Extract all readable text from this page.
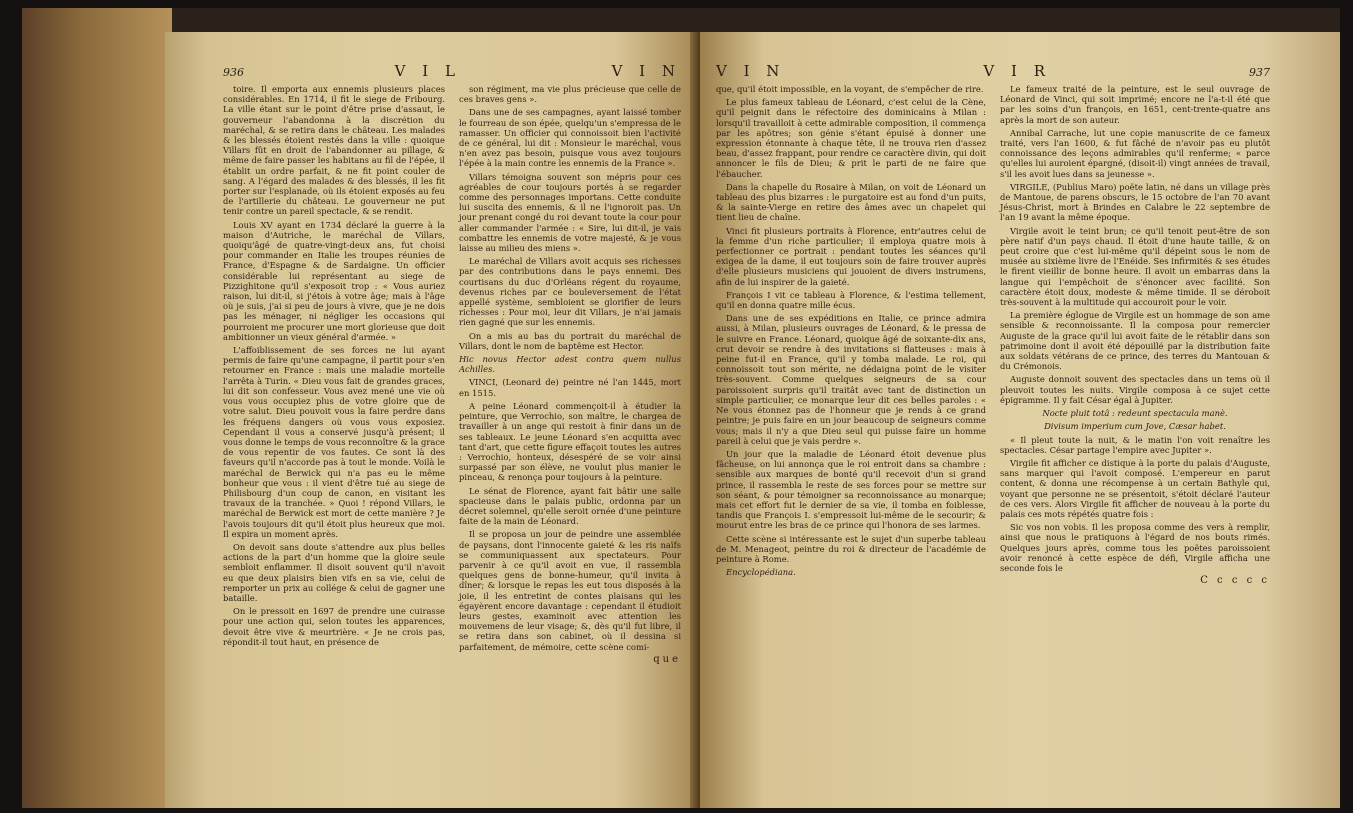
936	V I L	V I N

toire. Il emporta aux ennemis plusieurs places considérables. En 1714, il fit le siege de Fribourg. La ville étant sur le point d'être prise d'assaut, le gouverneur l'abandonna à la discrétion du maréchal, & se retira dans le château. Les malades & les blessés étoient restés dans la ville : quoique Villars fût en droit de l'abandonner au pillage, & même de faire passer les habitans au fil de l'épée, il établit un ordre parfait, & ne fit point couler de sang. A l'égard des malades & des blessés, il les fit porter sur l'esplanade, où ils étoient exposés au feu de l'artillerie du château. Le gouverneur ne put tenir contre un pareil spectacle, & se rendit.

Louis XV ayant en 1734 déclaré la guerre à la maison d'Autriche, le maréchal de Villars, quoiqu'âgé de quatre-vingt-deux ans, fut choisi pour commander en Italie les troupes réunies de France, d'Espagne & de Sardaigne. Un officier considérable lui représentant au siege de Pizzighitone qu'il s'exposoit trop : « Vous auriez raison, lui dit-il, si j'étois à votre âge; mais à l'âge où je suis, j'ai si peu de jours à vivre, que je ne dois pas les ménager, ni négliger les occasions qui pourroient me procurer une mort glorieuse que doit ambitionner un vieux général d'armée. »

L'affoiblissement de ses forces ne lui ayant permis de faire qu'une campagne, il partit pour s'en retourner en France : mais une maladie mortelle l'arrêta à Turin. « Dieu vous fait de grandes graces, lui dit son confesseur. Vous avez mené une vie où vous vous occupiez plus de votre gloire que de votre salut. Dieu pouvoit vous la faire perdre dans les fréquens dangers où vous vous exposiez. Cependant il vous a conservé jusqu'à présent; il vous donne le temps de vous reconnoître & la grace de vous repentir de vos fautes. Ce sont là des faveurs qu'il n'accorde pas à tout le monde. Voilà le maréchal de Berwick qui n'a pas eu le même bonheur que vous : il vient d'être tué au siege de Philisbourg d'un coup de canon, en visitant les travaux de la tranchée. » Quoi ! répond Villars, le maréchal de Berwick est mort de cette manière ? Je l'avois toujours dit qu'il étoit plus heureux que moi. Il expira un moment après.

On devoit sans doute s'attendre aux plus belles actions de la part d'un homme que la gloire seule sembloit enflammer. Il disoit souvent qu'il n'avoit eu que deux plaisirs bien vifs en sa vie, celui de remporter un prix au collége & celui de gagner une bataille.

On le pressoit en 1697 de prendre une cuirasse pour une action qui, selon toutes les apparences, devoit être vive & meurtrière. « Je ne crois pas, répondit-il tout haut, en présence de

son régiment, ma vie plus précieuse que celle de ces braves gens ».

Dans une de ses campagnes, ayant laissé tomber le fourreau de son épée, quelqu'un s'empressa de le ramasser. Un officier qui connoissoit bien l'activité de ce général, lui dit : Monsieur le maréchal, vous n'en avez pas besoin, puisque vous avez toujours l'épée à la main contre les ennemis de la France ».

Villars témoigna souvent son mépris pour ces agréables de cour toujours portés à se regarder comme des personnages importans. Cette conduite lui suscita des ennemis, & il ne l'ignoroit pas. Un jour prenant congé du roi devant toute la cour pour aller commander l'armée : « Sire, lui dit-il, je vais combattre les ennemis de votre majesté, & je vous laisse au milieu des miens ».

Le maréchal de Villars avoit acquis ses richesses par des contributions dans le pays ennemi. Des courtisans du duc d'Orléans régent du royaume, devenus riches par ce bouleversement de l'état appellé système, sembloient se glorifier de leurs richesses : Pour moi, leur dit Villars, je n'ai jamais rien gagné que sur les ennemis.

On a mis au bas du portrait du maréchal de Villars, dont le nom de baptême est Hector.

Hic novus Hector adest contra quem nullus Achilles.

VINCI, (Leonard de) peintre né l'an 1445, mort en 1515.

A peine Léonard commençoit-il à étudier la peinture, que Verrochio, son maître, le chargea de travailler à un ange qui restoit à finir dans un de ses tableaux. Le jeune Léonard s'en acquitta avec tant d'art, que cette figure effaçoit toutes les autres : Verrochio, honteux, désespéré de se voir ainsi surpassé par son élève, ne voulut plus manier le pinceau, & renonça pour toujours à la peinture.

Le sénat de Florence, ayant fait bâtir une salle spacieuse dans le palais public, ordonna par un décret solemnel, qu'elle seroit ornée d'une peinture faite de la main de Léonard.

Il se proposa un jour de peindre une assemblée de paysans, dont l'innocente gaieté & les ris naïfs se communiquassent aux spectateurs. Pour parvenir à ce qu'il avoit en vue, il rassembla quelques gens de bonne-humeur, qu'il invita à dîner; & lorsque le repas les eut tous disposés à la joie, il les entretint de contes plaisans qui les égayèrent encore davantage : cependant il étudioit leurs gestes, examinoit avec attention les mouvemens de leur visage; &, dès qu'il fut libre, il se retira dans son cabinet, où il dessina si parfaitement, de mémoire, cette scène comi-

que

V I N	V I R	937

que, qu'il étoit impossible, en la voyant, de s'empêcher de rire.

Le plus fameux tableau de Léonard, c'est celui de la Cène, qu'il peignit dans le réfectoire des dominicains à Milan : lorsqu'il travailloit à cette admirable composition, il commença par les apôtres; son génie s'étant épuisé à donner une expression étonnante à chaque tête, il ne trouva rien d'assez beau, d'assez frappant, pour rendre ce caractère divin, qui doit annoncer le fils de Dieu; & prit le parti de ne faire que l'ébaucher.

Dans la chapelle du Rosaire à Milan, on voit de Léonard un tableau des plus bizarres : le purgatoire est au fond d'un puits, & la sainte-Vierge en retire des âmes avec un chapelet qui tient lieu de chaîne.

Vinci fit plusieurs portraits à Florence, entr'autres celui de la femme d'un riche particulier; il employa quatre mois à perfectionner ce portrait : pendant toutes les séances qu'il exigea de la dame, il eut toujours soin de faire trouver auprès d'elle plusieurs musiciens qui jouoient de divers instrumens, afin de lui inspirer de la gaieté.

François I vit ce tableau à Florence, & l'estima tellement, qu'il en donna quatre mille écus.

Dans une de ses expéditions en Italie, ce prince admira aussi, à Milan, plusieurs ouvrages de Léonard, & le pressa de le suivre en France. Léonard, quoique âgé de soixante-dix ans, crut devoir se rendre à des invitations si flatteuses : mais à peine fut-il en France, qu'il y tomba malade. Le roi, qui connoissoit tout son mérite, ne dédaigna point de le visiter très-souvent. Comme quelques seigneurs de sa cour paroissoient surpris qu'il traitât avec tant de distinction un simple particulier, ce monarque leur dit ces belles paroles : « Ne vous étonnez pas de l'honneur que je rends à ce grand peintre; je puis faire en un jour beaucoup de seigneurs comme vous; mais il n'y a que Dieu seul qui puisse faire un homme pareil à celui que je vais perdre ».

Un jour que la maladie de Léonard étoit devenue plus fâcheuse, on lui annonça que le roi entroit dans sa chambre : sensible aux marques de bonté qu'il recevoit d'un si grand prince, il rassembla le reste de ses forces pour se mettre sur son séant, & pour témoigner sa reconnoissance au monarque; mais cet effort fut le dernier de sa vie, il tomba en foiblesse, tandis que François I. s'empressoit lui-même de le secourir; & mourut entre les bras de ce prince qui l'honora de ses larmes.

Cette scène si intéressante est le sujet d'un superbe tableau de M. Menageot, peintre du roi & directeur de l'académie de peinture à Rome.

Encyclopédiana.

Le fameux traité de la peinture, est le seul ouvrage de Léonard de Vinci, qui soit imprimé; encore ne l'a-t-il été que par les soins d'un françois, en 1651, cent-trente-quatre ans après la mort de son auteur.

Annibal Carrache, lut une copie manuscrite de ce fameux traité, vers l'an 1600, & fut fâché de n'avoir pas eu plutôt connoissance des leçons admirables qu'il renferme; « parce qu'elles lui auroient épargné, (disoit-il) vingt années de travail, s'il les avoit lues dans sa jeunesse ».

VIRGILE, (Publius Maro) poëte latin, né dans un village près de Mantoue, de parens obscurs, le 15 octobre de l'an 70 avant Jésus-Christ, mort à Brindes en Calabre le 22 septembre de l'an 19 avant la même époque.

Virgile avoit le teint brun; ce qu'il tenoit peut-être de son père natif d'un pays chaud. Il étoit d'une haute taille, & on peut croire que c'est lui-même qu'il dépeint sous le nom de musée au sixième livre de l'Enéide. Ses infirmités & ses études le firent vieillir de bonne heure. Il avoit un embarras dans la langue qui l'empêchoit de s'énoncer avec facilité. Son caractère étoit doux, modeste & même timide. Il se déroboit très-souvent à la multitude qui accouroit pour le voir.

La première églogue de Virgile est un hommage de son ame sensible & reconnoissante. Il la composa pour remercier Auguste de la grace qu'il lui avoit faite de le rétablir dans son patrimoine dont il avoit été dépouillé par la distribution faite aux soldats vétérans de ce prince, des terres du Mantouan & du Crémonois.

Auguste donnoit souvent des spectacles dans un tems où il pleuvoit toutes les nuits. Virgile composa à ce sujet cette épigramme. Il y fait César égal à Jupiter.

Nocte pluit totâ : redeunt spectacula manè.

Divisum imperium cum Jove, Cæsar habet.

« Il pleut toute la nuit, & le matin l'on voit renaître les spectacles. César partage l'empire avec Jupiter ».

Virgile fit afficher ce distique à la porte du palais d'Auguste, sans marquer qui l'avoit composé. L'empereur en parut content, & donna une récompense à un certain Bathyle qui, voyant que personne ne se présentoit, s'étoit déclaré l'auteur de ces vers. Alors Virgile fit afficher de nouveau à la porte du palais ces mots répétés quatre fois :

Sic vos non vobis. Il les proposa comme des vers à remplir, ainsi que nous le pratiquons à l'égard de nos bouts rimés. Quelques jours après, comme tous les poëtes paroissoient avoir renoncé à cette espèce de défi, Virgile afficha une seconde fois le

C c c c c
